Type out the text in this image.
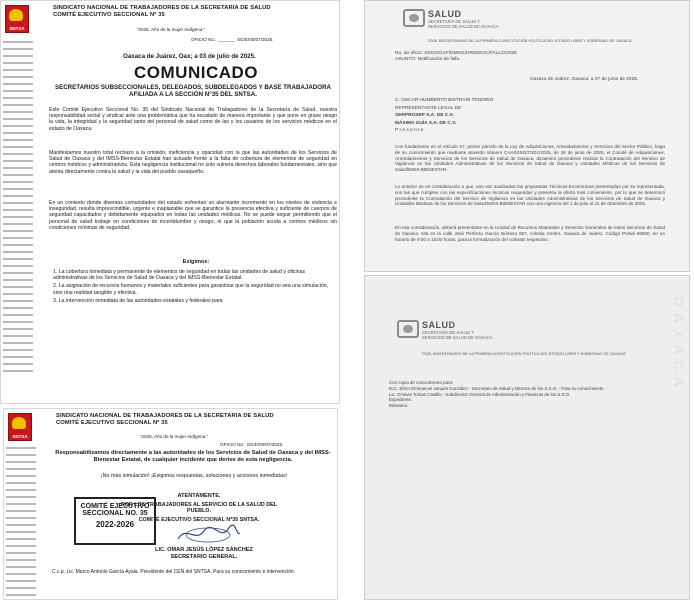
SNTSA
SINDICATO NACIONAL DE TRABAJADORES DE LA SECRETARIA DE SALUD
COMITÉ EJECUTIVO SECCIONAL Nº 35
"2025, Año de la mujer Indígena."
OFICIO No.: _______ SG/E/00/07/2025.
Oaxaca de Juárez, Oax; a 03 de julio de 2025.
COMUNICADO
SECRETARIOS SUBSECCIONALES, DELEGADOS, SUBDELEGADOS Y BASE TRABAJADORA AFILIADA A LA SECCIÓN N°35 DEL SNTSA.
Este Comité Ejecutivo Seccional No. 35 del Sindicato Nacional de Trabajadores de la Secretaría de Salud, nuestra responsabilidad social y sindical ante una problemática que ha escalado de manera importante y que pone en grave riesgo la vida, la integridad y la seguridad tanto del personal de salud como de las y los usuarios de los servicios médicos en el estado de Oaxaca.
Manifestamos nuestro total rechazo a la omisión, ineficiencia y opacidad con la que las autoridades de los Servicios de Salud de Oaxaca y del IMSS-Bienestar Estatal han actuado frente a la falta de cobertura de elementos de seguridad en centros médicos y administrativos. Esta negligencia institucional no solo vulnera derechos laborales fundamentales, sino que atenta directamente contra la salud y la vida del pueblo oaxaqueño.
En un contexto donde diversas comunidades del estado enfrentan un alarmante incremento en los niveles de violencia e inseguridad, resulta imprescindible, urgente e inaplazable que se garantice la presencia efectiva y suficiente de cuerpos de seguridad capacitados y debidamente equipados en todas las unidades médicas. No se puede seguir permitiendo que el personal de salud trabaje en condiciones de incertidumbre y riesgo, ni que la población acuda a centros médicos sin condiciones mínimas de seguridad.
Exigimos:
1. La cobertura inmediata y permanente de elementos de seguridad en todas las unidades de salud y oficinas administrativas de los Servicios de Salud de Oaxaca y del IMSS-Bienestar Estatal.
2. La asignación de recursos humanos y materiales suficientes para garantizar que la seguridad no sea una simulación, sino una realidad tangible y efectiva.
3. La intervención inmediata de las autoridades estatales y federales para
SNTSA
SINDICATO NACIONAL DE TRABAJADORES DE LA SECRETARIA DE SALUD
COMITÉ EJECUTIVO SECCIONAL Nº 35
"2025, Año de la mujer Indígena."
OFICIO No.: SG/E/00/07/2025.
Responsabilizamos directamente a las autoridades de los Servicios de Salud de Oaxaca y del IMSS-Bienestar Estatal, de cualquier incidente que derive de esta negligencia.
¡No más simulación! ¡Exigimos respuestas, soluciones y acciones inmediatas!
ATENTAMENTE.
POR LOS TRABAJADORES AL SERVICIO DE LA SALUD DEL PUEBLO.
COMITÉ EJECUTIVO SECCIONAL Nº35 SNTSA.
COMITÉ EJECUTIVO
SECCIONAL NO. 35
2022-2026
LIC. OMAR JESÚS LÓPEZ SÁNCHEZ
SECRETARIO GENERAL.
C.c.p. Lic. Marco Antonio García Ayala. Presidente del CEN del SNTSA. Para su conocimiento e intervención.
SALUD
SECRETARÍA DE SALUD Y
SERVICIOS DE SALUD DE OAXACA
"2025, BICENTENARIO DE LA PRIMERA CONSTITUCIÓN POLÍTICA DEL ESTADO LIBRE Y SOBERANO DE OAXACA"
No. de oficio: SSO/SGAF/DMSG/URMSG/C/FALLO/2025
ASUNTO: Notificación de fallo.
Oaxaca de Juárez, Oaxaca; a 27 de junio de 2025.
C. OSCAR HUMBERTO BISTRAIN TENORIO
REPRESENTANTE LEGAL DE
SERPROSEP S.A. DE C.V.
MÁXIMA GUÍA S.A. DE C.V.
P r e s e n t e.
Con fundamento en el Artículo 57, primer párrafo de la Ley de Adquisiciones, Arrendamientos y Servicios del Sector Público, hago de su conocimiento que mediante acuerdo número CAASSSO/70/01/2025, de 26 de junio de 2025, el Comité de Adquisiciones, Arrendamientos y Servicios de los Servicios de Salud de Oaxaca, dictaminó procedente realizar la Contratación del Servicio de Vigilancia en las Unidades Administrativas de los Servicios de Salud de Oaxaca y Unidades Médicas de los Servicios de Salud/IMSS-BIENESTAR.
Lo anterior es en consideración a que, una vez analizadas las propuestas Técnicas-Económicas presentadas por su representada, son las que cumplen con las especificaciones técnicas requeridas y presenta la oferta más conveniente, por lo que se determinó procedente la Contratación del Servicio de Vigilancia en las Unidades Administrativas de los Servicios de Salud de Oaxaca y Unidades Médicas de los Servicios de Salud/IMSS-BIENESTAR con una vigencia del 1 de julio al 31 de diciembre de 2025.
En esa consideración, deberá presentarse en la Unidad de Recursos Materiales y Servicios Generales de estos Servicios de Salud de Oaxaca, sita en la calle José Perfecto García Número 807, colonia Centro, Oaxaca de Juárez, Código Postal 68000, en un horario de 9:00 a 15:00 horas, para la formalización del contrato respectivo.
SALUD
SECRETARÍA DE SALUD Y
SERVICIOS DE SALUD DE OAXACA
"2025, BICENTENARIO DE LA PRIMERA CONSTITUCIÓN POLÍTICA DEL ESTADO LIBRE Y SOBERANO DE OAXACA"
Con copia de conocimiento para:
M.C. Efrén Emmanuel Jarquín González - Secretario de Salud y Director de los S.S.O. - Para su conocimiento
Lic. Octavio Tomas Castillo - Subdirector General de Administración y Finanzas de los S.S.O.
Expediente.
Minutario.
OAXACA
